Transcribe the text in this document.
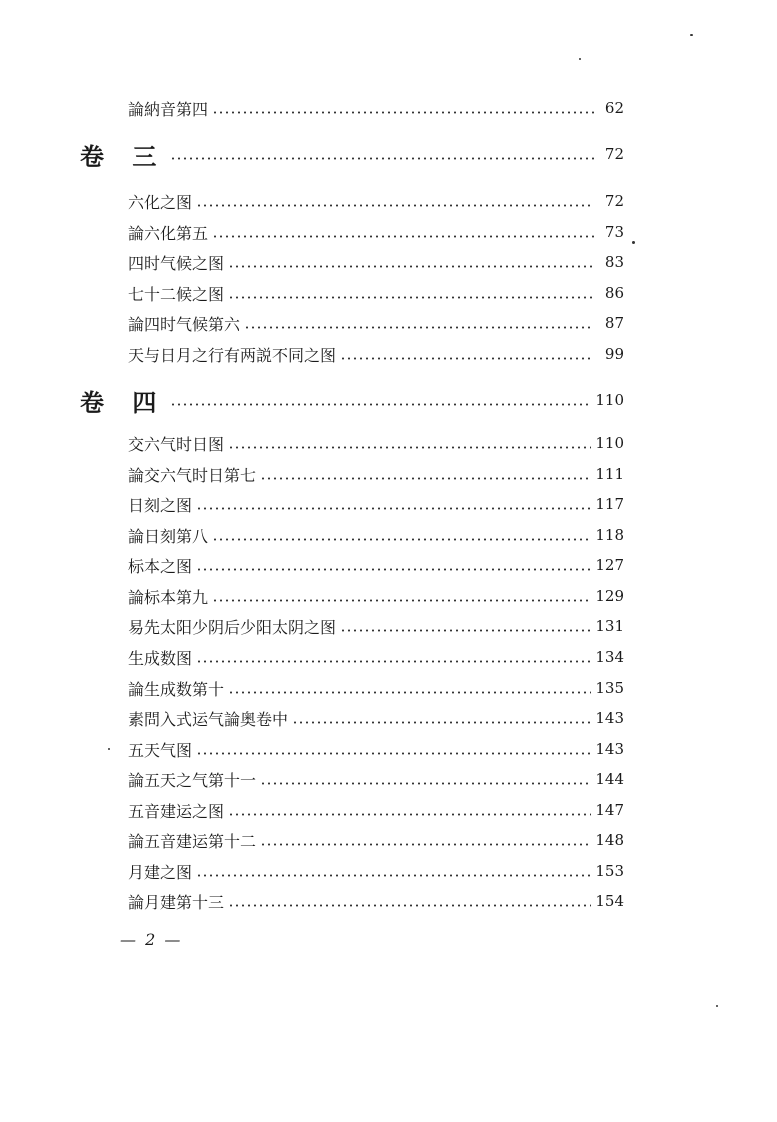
論納音第四	62
卷 三	72
六化之图	72
論六化第五	73
四时气候之图	83
七十二候之图	86
論四时气候第六	87
天与日月之行有两説不同之图	99
卷 四	110
交六气时日图	110
論交六气时日第七	111
日刻之图	117
論日刻第八	118
标本之图	127
論标本第九	129
易先太阳少阴后少阳太阴之图	131
生成数图	134
論生成数第十	135
素問入式运气論奥卷中	143
五天气图	143
論五天之气第十一	144
五音建运之图	147
論五音建运第十二	148
月建之图	153
論月建第十三	154
— 2 —
